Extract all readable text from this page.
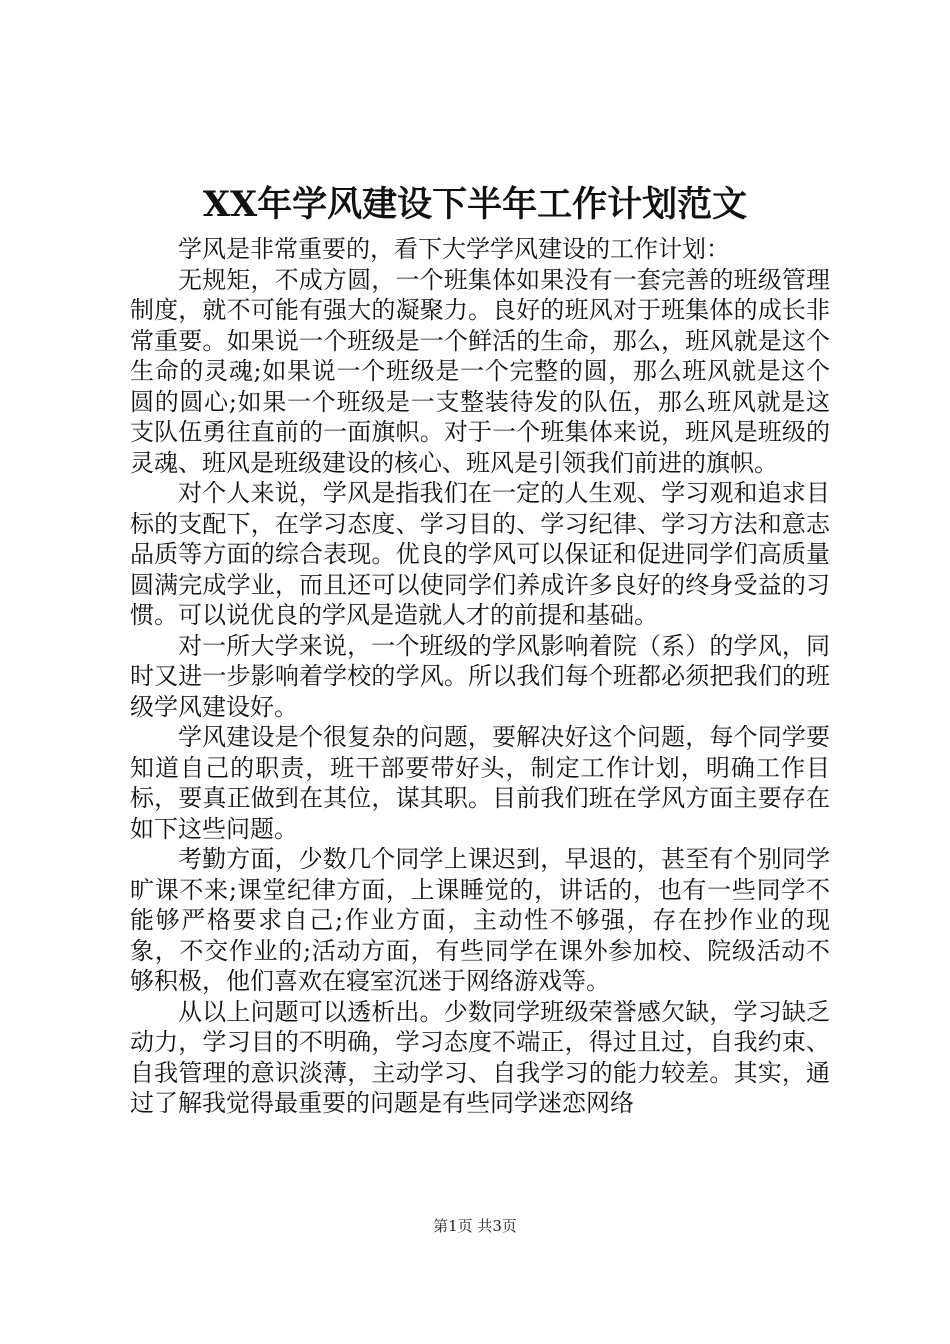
XX年学风建设下半年工作计划范文

学风是非常重要的，看下大学学风建设的工作计划：

无规矩，不成方圆，一个班集体如果没有一套完善的班级管理制度，就不可能有强大的凝聚力。良好的班风对于班集体的成长非常重要。如果说一个班级是一个鲜活的生命，那么，班风就是这个生命的灵魂;如果说一个班级是一个完整的圆，那么班风就是这个圆的圆心;如果一个班级是一支整装待发的队伍，那么班风就是这支队伍勇往直前的一面旗帜。对于一个班集体来说，班风是班级的灵魂、班风是班级建设的核心、班风是引领我们前进的旗帜。

对个人来说，学风是指我们在一定的人生观、学习观和追求目标的支配下，在学习态度、学习目的、学习纪律、学习方法和意志品质等方面的综合表现。优良的学风可以保证和促进同学们高质量圆满完成学业，而且还可以使同学们养成许多良好的终身受益的习惯。可以说优良的学风是造就人才的前提和基础。

对一所大学来说，一个班级的学风影响着院（系）的学风，同时又进一步影响着学校的学风。所以我们每个班都必须把我们的班级学风建设好。

学风建设是个很复杂的问题，要解决好这个问题，每个同学要知道自己的职责，班干部要带好头，制定工作计划，明确工作目标，要真正做到在其位，谋其职。目前我们班在学风方面主要存在如下这些问题。

考勤方面，少数几个同学上课迟到，早退的，甚至有个别同学旷课不来;课堂纪律方面，上课睡觉的，讲话的，也有一些同学不能够严格要求自己;作业方面，主动性不够强，存在抄作业的现象，不交作业的;活动方面，有些同学在课外参加校、院级活动不够积极，他们喜欢在寝室沉迷于网络游戏等。

从以上问题可以透析出。少数同学班级荣誉感欠缺，学习缺乏动力，学习目的不明确，学习态度不端正，得过且过，自我约束、自我管理的意识淡薄，主动学习、自我学习的能力较差。其实，通过了解我觉得最重要的问题是有些同学迷恋网络

第1页 共3页
